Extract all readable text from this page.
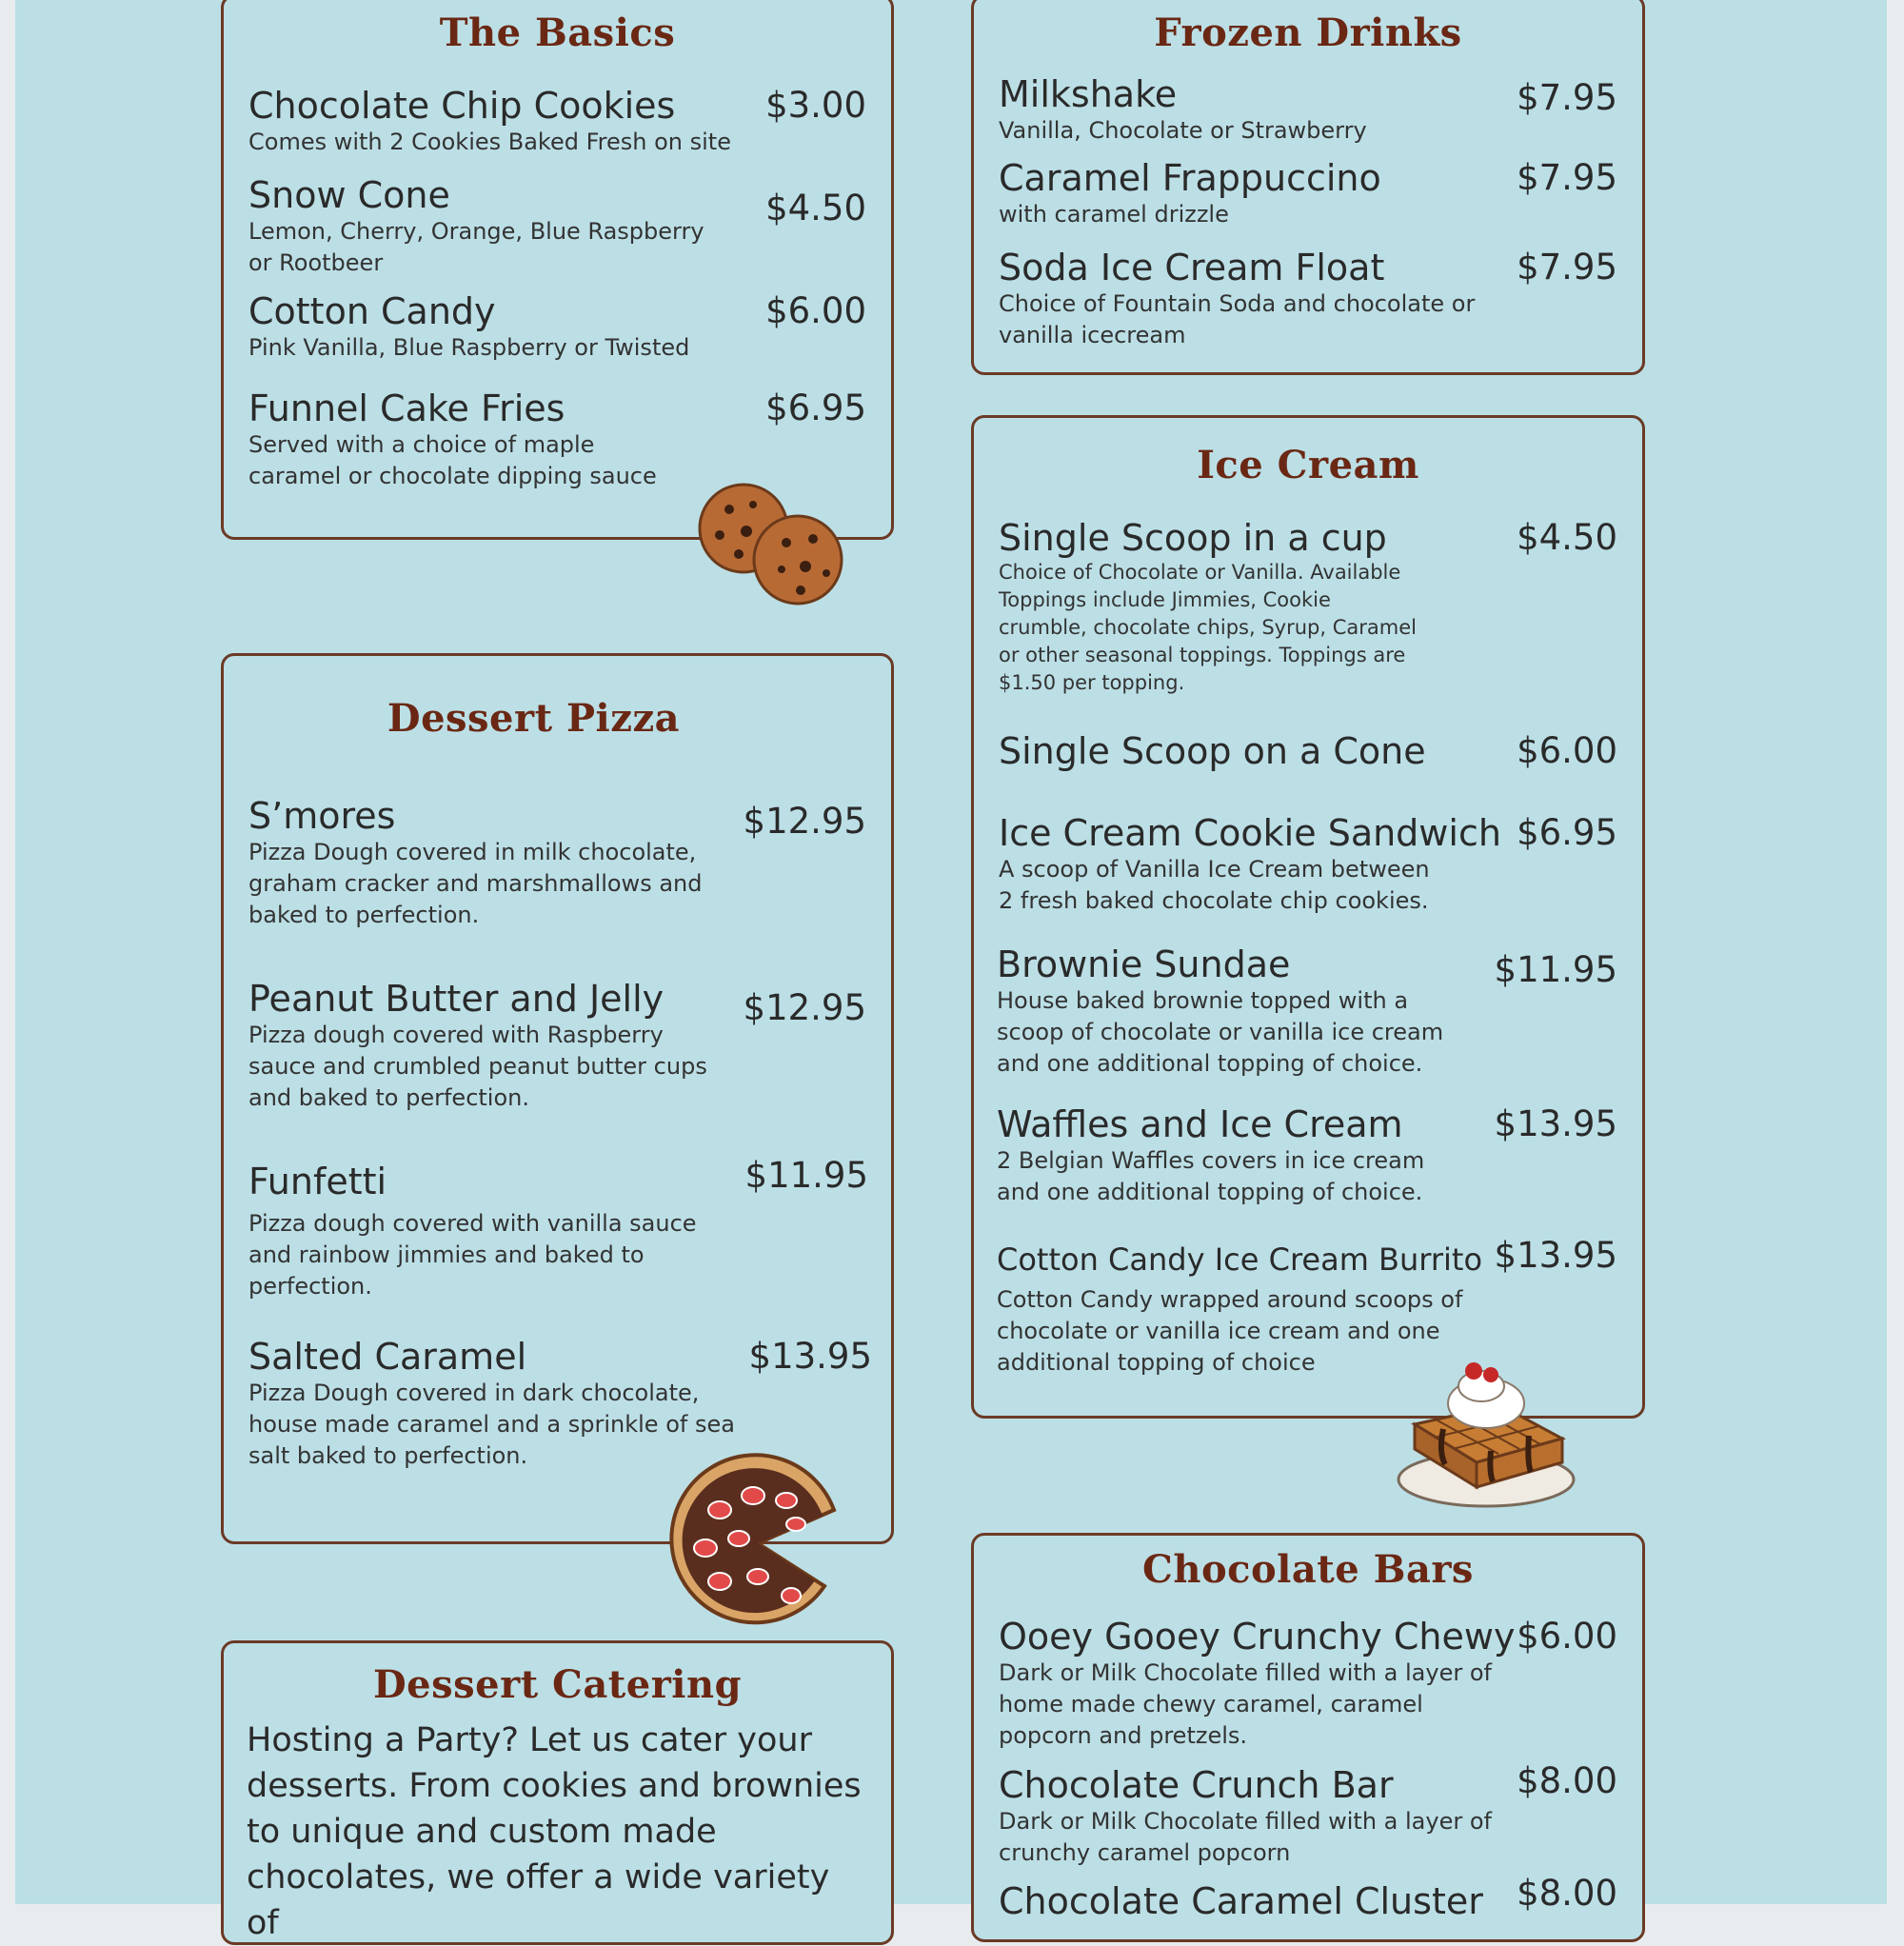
The Basics
Chocolate Chip Cookies	$3.00
Comes with 2 Cookies Baked Fresh on site
Snow Cone	$4.50
Lemon, Cherry, Orange, Blue Raspberry or Rootbeer
Cotton Candy	$6.00
Pink Vanilla, Blue Raspberry or Twisted
Funnel Cake Fries	$6.95
Served with a choice of maple caramel or chocolate dipping sauce
Dessert Pizza
S’mores	$12.95
Pizza Dough covered in milk chocolate, graham cracker and marshmallows and baked to perfection.
Peanut Butter and Jelly	$12.95
Pizza dough covered with Raspberry sauce and crumbled peanut butter cups and baked to perfection.
Funfetti	$11.95
Pizza dough covered with vanilla sauce and rainbow jimmies and baked to perfection.
Salted Caramel	$13.95
Pizza Dough covered in dark chocolate, house made caramel and a sprinkle of sea salt baked to perfection.
Dessert Catering
Hosting a Party? Let us cater your desserts. From cookies and brownies to unique and custom made chocolates, we offer a wide variety of
Frozen Drinks
Milkshake	$7.95
Vanilla, Chocolate or Strawberry
Caramel Frappuccino	$7.95
with caramel drizzle
Soda Ice Cream Float	$7.95
Choice of Fountain Soda and chocolate or vanilla icecream
Ice Cream
Single Scoop in a cup	$4.50
Choice of Chocolate or Vanilla. Available Toppings include Jimmies, Cookie crumble, chocolate chips, Syrup, Caramel or other seasonal toppings. Toppings are $1.50 per topping.
Single Scoop on a Cone	$6.00
Ice Cream Cookie Sandwich $6.95
A scoop of Vanilla Ice Cream between 2 fresh baked chocolate chip cookies.
Brownie Sundae	$11.95
House baked brownie topped with a scoop of chocolate or vanilla ice cream and one additional topping of choice.
Waffles and Ice Cream	$13.95
2 Belgian Waffles covers in ice cream and one additional topping of choice.
Cotton Candy Ice Cream Burrito $13.95
Cotton Candy wrapped around scoops of chocolate or vanilla ice cream and one additional topping of choice
Chocolate Bars
Ooey Gooey Crunchy Chewy $6.00
Dark or Milk Chocolate filled with a layer of home made chewy caramel, caramel popcorn and pretzels.
Chocolate Crunch Bar	$8.00
Dark or Milk Chocolate filled with a layer of crunchy caramel popcorn
Chocolate Caramel Cluster $8.00
